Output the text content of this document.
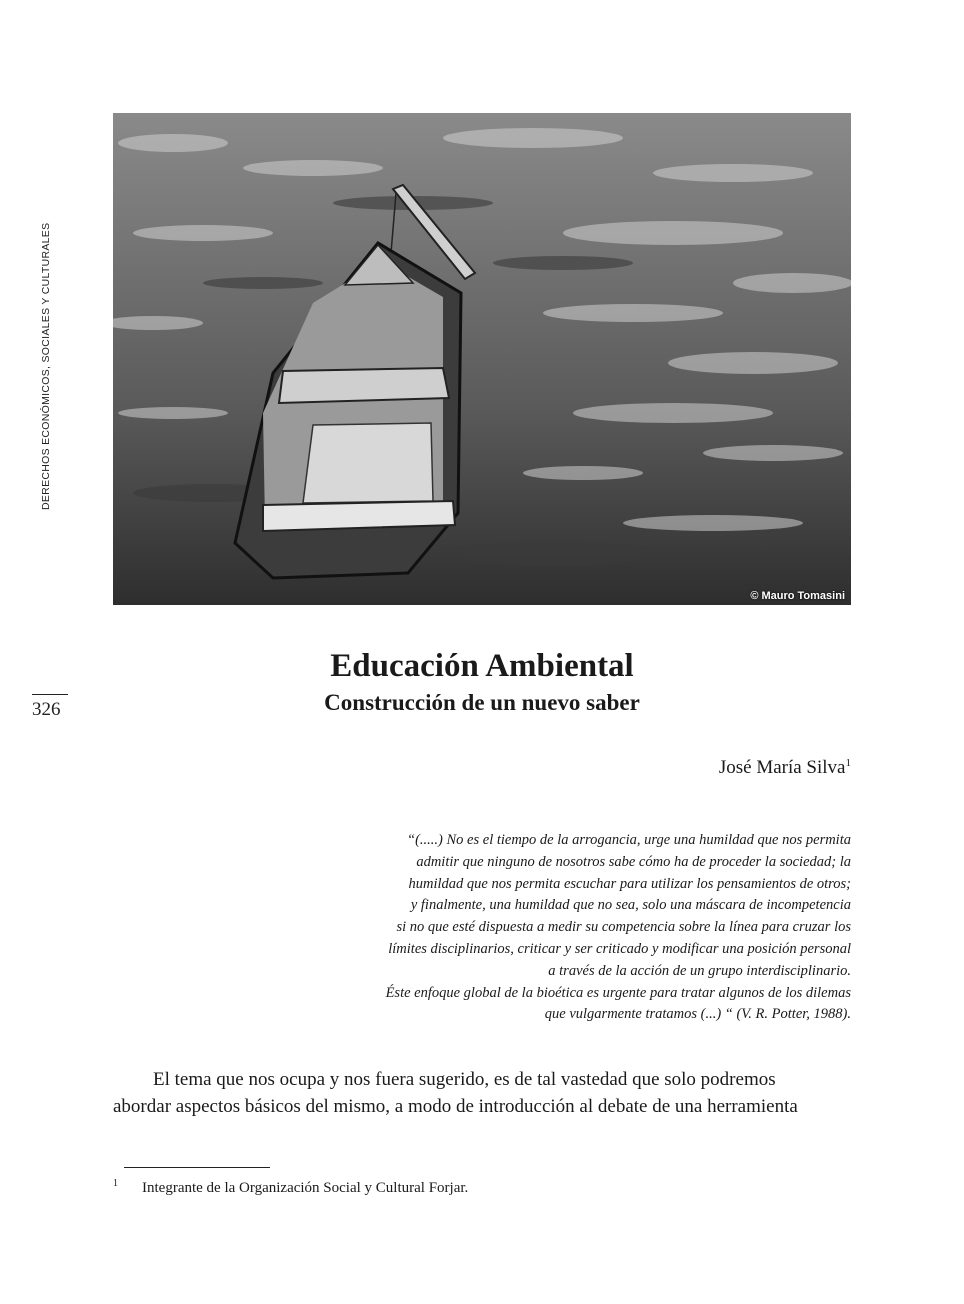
DERECHOS ECONÓMICOS, SOCIALES Y CULTURALES
326
© Mauro Tomasini
Educación Ambiental
Construcción de un nuevo saber
José María Silva$^1$
“(.....) No es el tiempo de la arrogancia, urge una humildad que nos permita
admitir que ninguno de nosotros sabe cómo ha de proceder la sociedad; la
humildad que nos permita escuchar para utilizar los pensamientos de otros;
y finalmente, una humildad que no sea, solo una máscara de incompetencia
si no que esté dispuesta a medir su competencia sobre la línea para cruzar los
límites disciplinarios, criticar y ser criticado y modificar una posición personal
a través de la acción de un grupo interdisciplinario.
Éste enfoque global de la bioética es urgente para tratar algunos de los dilemas
que vulgarmente tratamos (...) “ (V. R. Potter, 1988).
El tema que nos ocupa y nos fuera sugerido, es de tal vastedad que solo podremos
abordar aspectos básicos del mismo, a modo de introducción al debate de una herramienta
1 Integrante de la Organización Social y Cultural Forjar.
